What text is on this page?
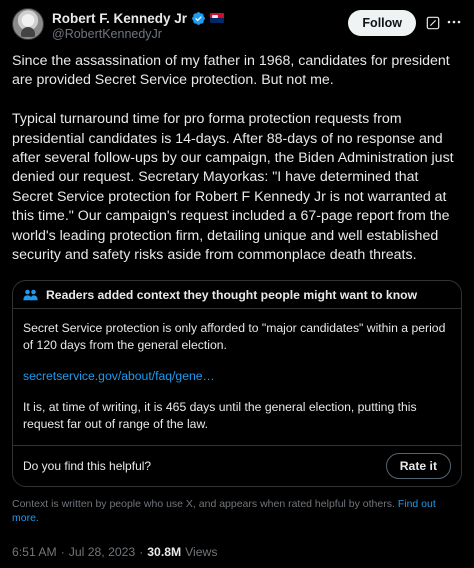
Robert F. Kennedy Jr
@RobertKennedyJr
Follow

Since the assassination of my father in 1968, candidates for president are provided Secret Service protection. But not me.

Typical turnaround time for pro forma protection requests from presidential candidates is 14-days. After 88-days of no response and after several follow-ups by our campaign, the Biden Administration just denied our request. Secretary Mayorkas: "I have determined that Secret Service protection for Robert F Kennedy Jr is not warranted at this time." Our campaign's request included a 67-page report from the world's leading protection firm, detailing unique and well established security and safety risks aside from commonplace death threats.

Readers added context they thought people might want to know
Secret Service protection is only afforded to "major candidates" within a period of 120 days from the general election.
secretservice.gov/about/faq/gene…
It is, at time of writing, it is 465 days until the general election, putting this request far out of range of the law.
Do you find this helpful?	Rate it
Context is written by people who use X, and appears when rated helpful by others. Find out more.
6:51 AM · Jul 28, 2023 · 30.8M Views
